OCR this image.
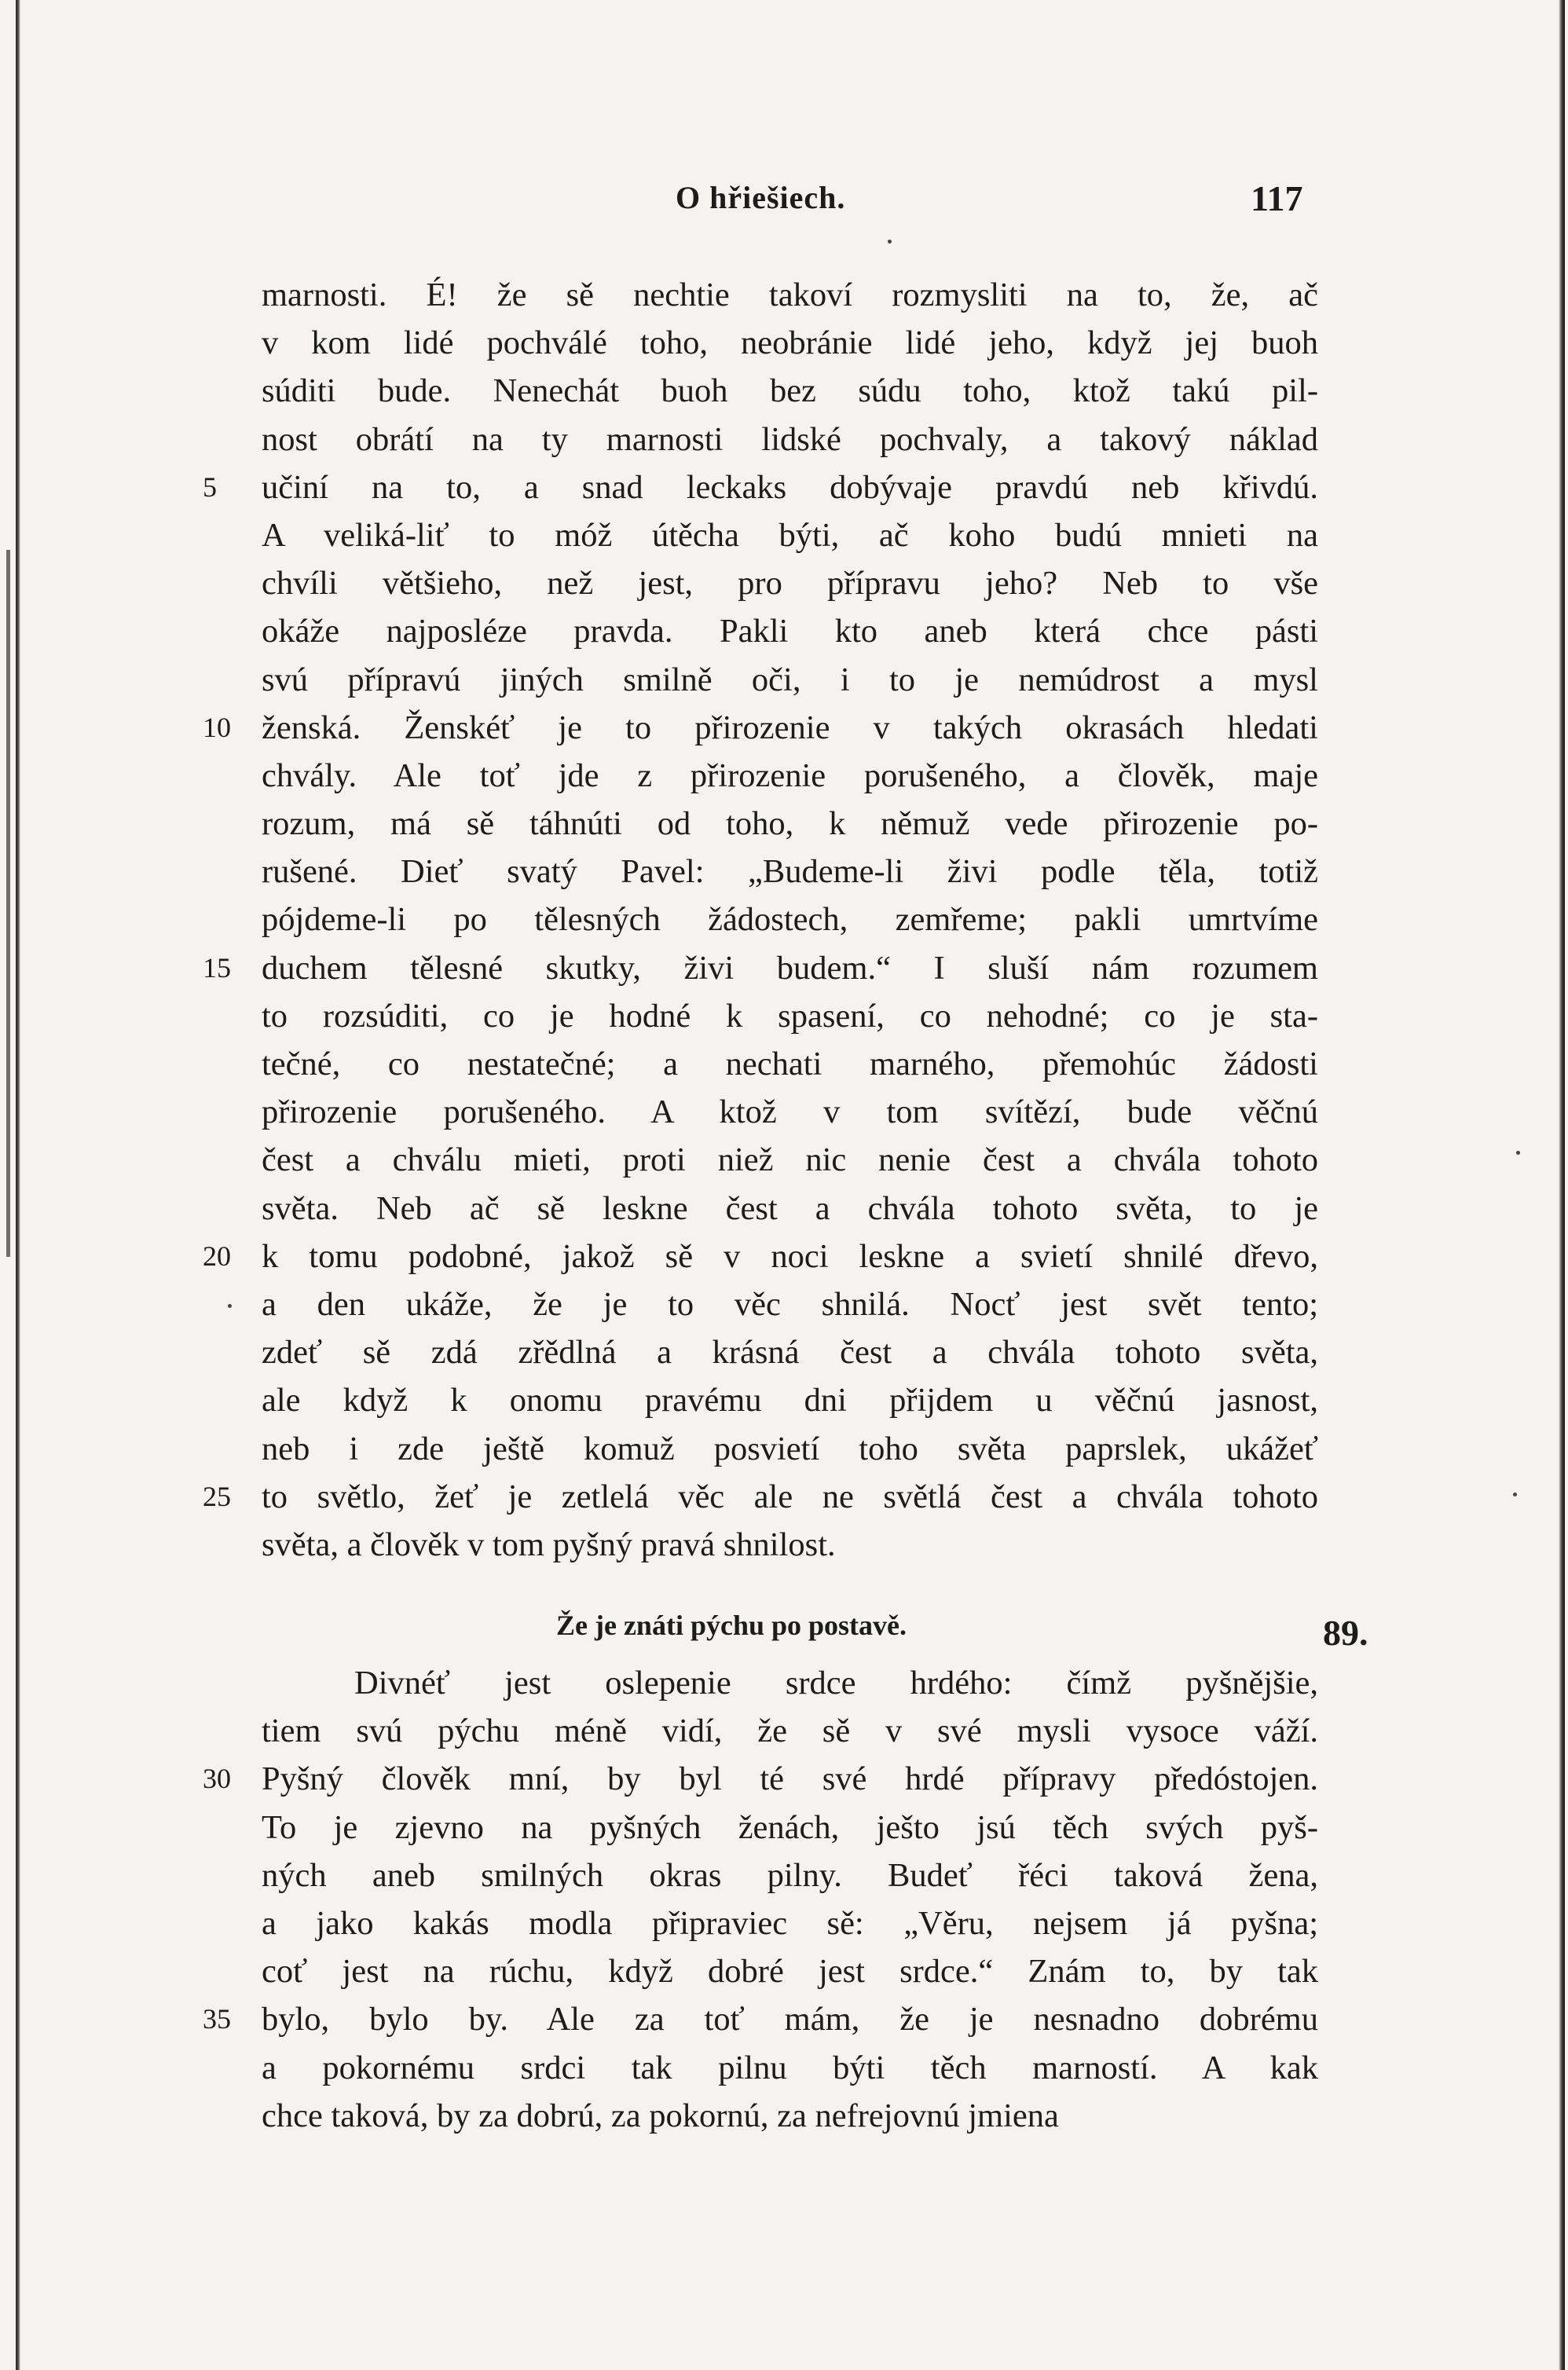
O hřiešiech.	117
marnosti. É! že sě nechtie takoví rozmysliti na to, že, ač
v kom lidé pochválé toho, neobránie lidé jeho, když jej buoh
súditi bude. Nenechát buoh bez súdu toho, ktož takú pil-
nost obrátí na ty marnosti lidské pochvaly, a takový náklad
5	učiní na to, a snad leckaks dobývaje pravdú neb křivdú.
A veliká-liť to móž útěcha býti, ač koho budú mnieti na
chvíli většieho, než jest, pro přípravu jeho? Neb to vše
okáže najposléze pravda. Pakli kto aneb která chce pásti
svú přípravú jiných smilně oči, i to je nemúdrost a mysl
10 ženská. Ženskéť je to přirozenie v takých okrasách hledati
chvály. Ale toť jde z přirozenie porušeného, a člověk, maje
rozum, má sě táhnúti od toho, k němuž vede přirozenie po-
rušené. Dieť svatý Pavel: „Budeme-li živi podle těla, totiž
pójdeme-li po tělesných žádostech, zemřeme; pakli umrtvíme
15 duchem tělesné skutky, živi budem.“ I sluší nám rozumem
to rozsúditi, co je hodné k spasení, co nehodné; co je sta-
tečné, co nestatečné; a nechati marného, přemohúc žádosti
přirozenie porušeného. A ktož v tom svítězí, bude věčnú
čest a chválu mieti, proti niež nic nenie čest a chvála tohoto
světa. Neb ač sě leskne čest a chvála tohoto světa, to je
20 k tomu podobné, jakož sě v noci leskne a svietí shnilé dřevo,
a den ukáže, že je to věc shnilá. Nocť jest svět tento;
zdeť sě zdá zřědlná a krásná čest a chvála tohoto světa,
ale když k onomu pravému dni přijdem u věčnú jasnost,
neb i zde ještě komuž posvietí toho světa paprslek, ukážeť
25 to světlo, žeť je zetlelá věc ale ne světlá čest a chvála tohoto
světa, a člověk v tom pyšný pravá shnilost.
Že je znáti pýchu po postavě.	89.
Divnéť jest oslepenie srdce hrdého: čímž pyšnějšie,
tiem svú pýchu méně vidí, že sě v své mysli vysoce váží.
30 Pyšný člověk mní, by byl té své hrdé přípravy předóstojen.
To je zjevno na pyšných ženách, ješto jsú těch svých pyš-
ných aneb smilných okras pilny. Budeť řéci taková žena,
a jako kakás modla připraviec sě: „Věru, nejsem já pyšna;
coť jest na rúchu, když dobré jest srdce.“ Znám to, by tak
35 bylo, bylo by. Ale za toť mám, že je nesnadno dobrému
a pokornému srdci tak pilnu býti těch marností. A kak
chce taková, by za dobrú, za pokornú, za nefrejovnú jmiena
